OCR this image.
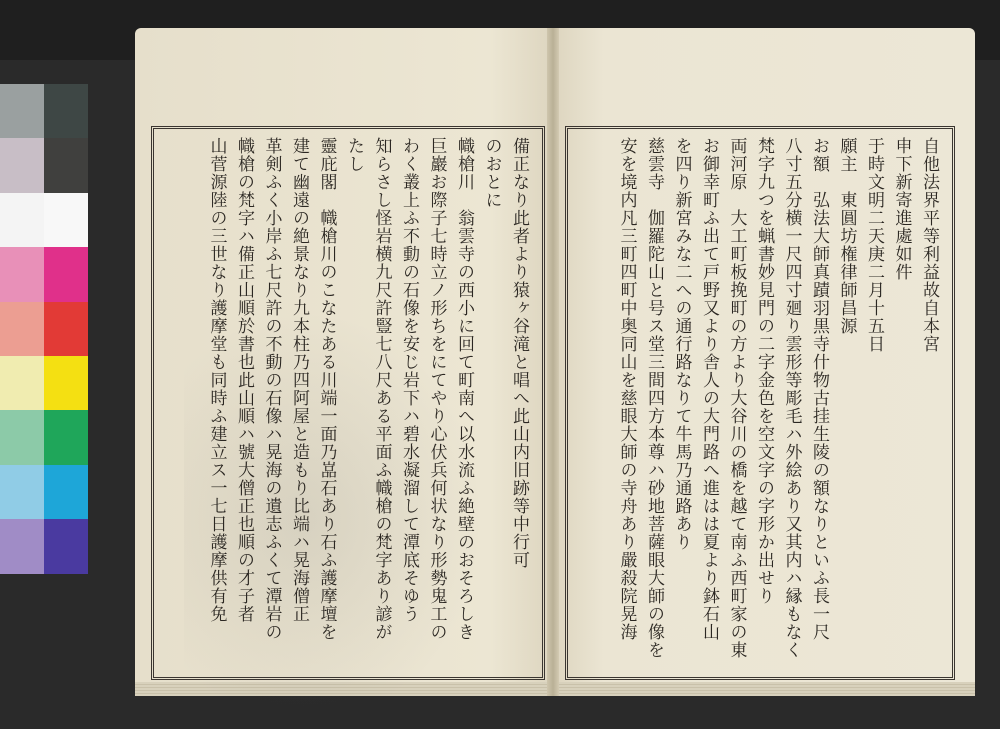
備正なり此者より猿ヶ谷滝と唱へ此山内旧跡等中行可
のおとに
幟槍川　翁雲寺の西小に回て町南へ以水流ふ絶壁のおそろしき
巨巖お際子七時立ノ形ちをにてやり心伏兵何状なり形勢鬼工の
わく叢上ふ不動の石像を安じ岩下ハ碧水凝溜して潭底そゆう
知らさし怪岩横九尺許豎七八尺ある平面ふ幟槍の梵字あり諺が
たし
靈庇閣　幟槍川のこなたある川端一面乃嵓石あり石ふ護摩壇を
建て幽遠の絶景なり九本柱乃四阿屋と造もり比端ハ晃海僧正
革剣ふく小岸ふ七尺許の不動の石像ハ晃海の遺志ふくて潭岩の
幟槍の梵字ハ備正山順於書也此山順ハ號大僧正也順の才子者
山菅源陸の三世なり護摩堂も同時ふ建立ス一七日護摩供有免	自他法界平等利益故自本宮
申下新寄進處如件
于時文明二天庚二月十五日
願主　東圓坊権律師昌源
お額　弘法大師真蹟羽黒寺什物古挂生陵の額なりといふ長一尺
八寸五分横一尺四寸廻り雲形等彫毛ハ外絵あり又其内ハ縁もなく
梵字九つを蝋書妙見門の二字金色を空文字の字形か出せり
両河原　大工町板挽町の方より大谷川の橋を越て南ふ西町家の東
お御幸町ふ出て戸野又より舎人の大門路へ進はは夏より鉢石山
を四り新宮みな二への通行路なりて牛馬乃通路あり
慈雲寺　伽羅陀山と号ス堂三間四方本尊ハ砂地菩薩眼大師の像を
安を境内凡三町四町中奥同山を慈眼大師の寺舟あり嚴殺院晃海
